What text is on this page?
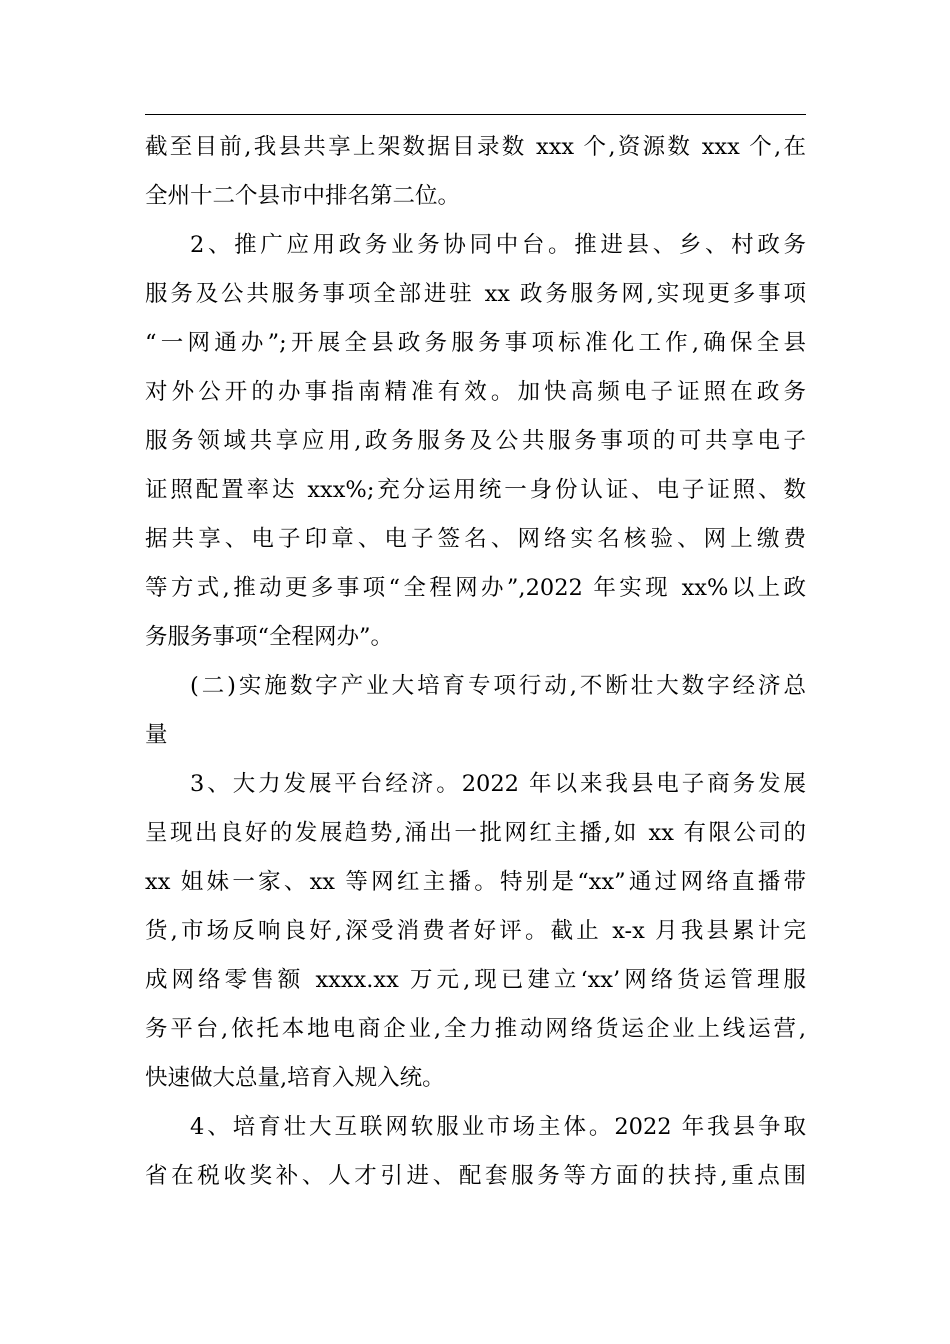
截至目前,我县共享上架数据目录数 xxx 个,资源数 xxx 个,在
全州十二个县市中排名第二位。

2、推广应用政务业务协同中台。推进县、乡、村政务
服务及公共服务事项全部进驻 xx 政务服务网,实现更多事项
“一网通办”;开展全县政务服务事项标准化工作,确保全县
对外公开的办事指南精准有效。加快高频电子证照在政务
服务领域共享应用,政务服务及公共服务事项的可共享电子
证照配置率达 xxx%;充分运用统一身份认证、电子证照、数
据共享、电子印章、电子签名、网络实名核验、网上缴费
等方式,推动更多事项“全程网办”,2022 年实现 xx%以上政
务服务事项“全程网办”。

(二)实施数字产业大培育专项行动,不断壮大数字经济总
量

3、大力发展平台经济。2022 年以来我县电子商务发展
呈现出良好的发展趋势,涌出一批网红主播,如 xx 有限公司的
xx 姐妹一家、xx 等网红主播。特别是“xx”通过网络直播带
货,市场反响良好,深受消费者好评。截止 x-x 月我县累计完
成网络零售额 xxxx.xx 万元,现已建立‘xx’网络货运管理服
务平台,依托本地电商企业,全力推动网络货运企业上线运营,
快速做大总量,培育入规入统。

4、培育壮大互联网软服业市场主体。2022 年我县争取
省在税收奖补、人才引进、配套服务等方面的扶持,重点围
